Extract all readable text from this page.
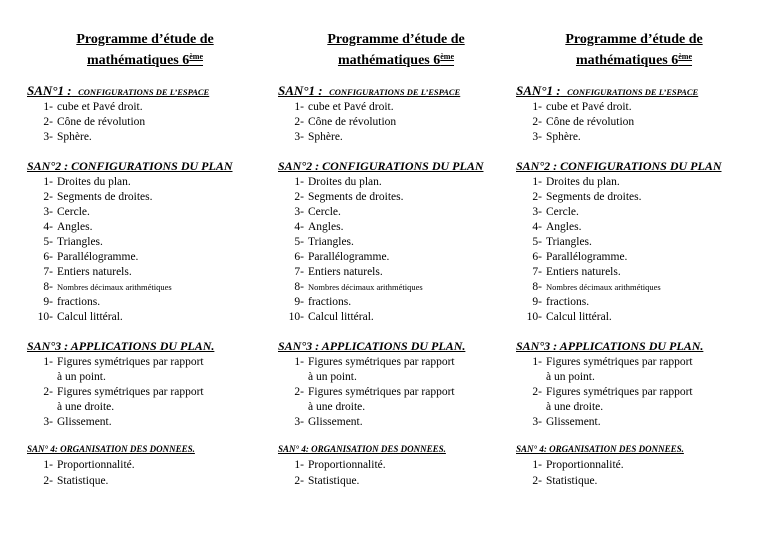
Programme d’étude de
mathématiques 6ème
SAN°1 : CONFIGURATIONS DE L’ESPACE
1- cube et Pavé droit.
2- Cône de révolution
3- Sphère.
SAN°2 : CONFIGURATIONS DU PLAN
1- Droites du plan.
2- Segments de droites.
3- Cercle.
4- Angles.
5- Triangles.
6- Parallélogramme.
7- Entiers naturels.
8- Nombres décimaux arithmétiques
9- fractions.
10- Calcul littéral.
SAN°3 : APPLICATIONS DU PLAN.
1- Figures symétriques par rapport
à un point.
2- Figures symétriques par rapport
à une droite.
3- Glissement.
SAN° 4: ORGANISATION DES DONNEES.
1- Proportionnalité.
2- Statistique.
Programme d’étude de
mathématiques 6ème
SAN°1 : CONFIGURATIONS DE L’ESPACE
1- cube et Pavé droit.
2- Cône de révolution
3- Sphère.
SAN°2 : CONFIGURATIONS DU PLAN
1- Droites du plan.
2- Segments de droites.
3- Cercle.
4- Angles.
5- Triangles.
6- Parallélogramme.
7- Entiers naturels.
8- Nombres décimaux arithmétiques
9- fractions.
10- Calcul littéral.
SAN°3 : APPLICATIONS DU PLAN.
1- Figures symétriques par rapport
à un point.
2- Figures symétriques par rapport
à une droite.
3- Glissement.
SAN° 4: ORGANISATION DES DONNEES.
1- Proportionnalité.
2- Statistique.
Programme d’étude de
mathématiques 6ème
SAN°1 : CONFIGURATIONS DE L’ESPACE
1- cube et Pavé droit.
2- Cône de révolution
3- Sphère.
SAN°2 : CONFIGURATIONS DU PLAN
1- Droites du plan.
2- Segments de droites.
3- Cercle.
4- Angles.
5- Triangles.
6- Parallélogramme.
7- Entiers naturels.
8- Nombres décimaux arithmétiques
9- fractions.
10- Calcul littéral.
SAN°3 : APPLICATIONS DU PLAN.
1- Figures symétriques par rapport
à un point.
2- Figures symétriques par rapport
à une droite.
3- Glissement.
SAN° 4: ORGANISATION DES DONNEES.
1- Proportionnalité.
2- Statistique.
